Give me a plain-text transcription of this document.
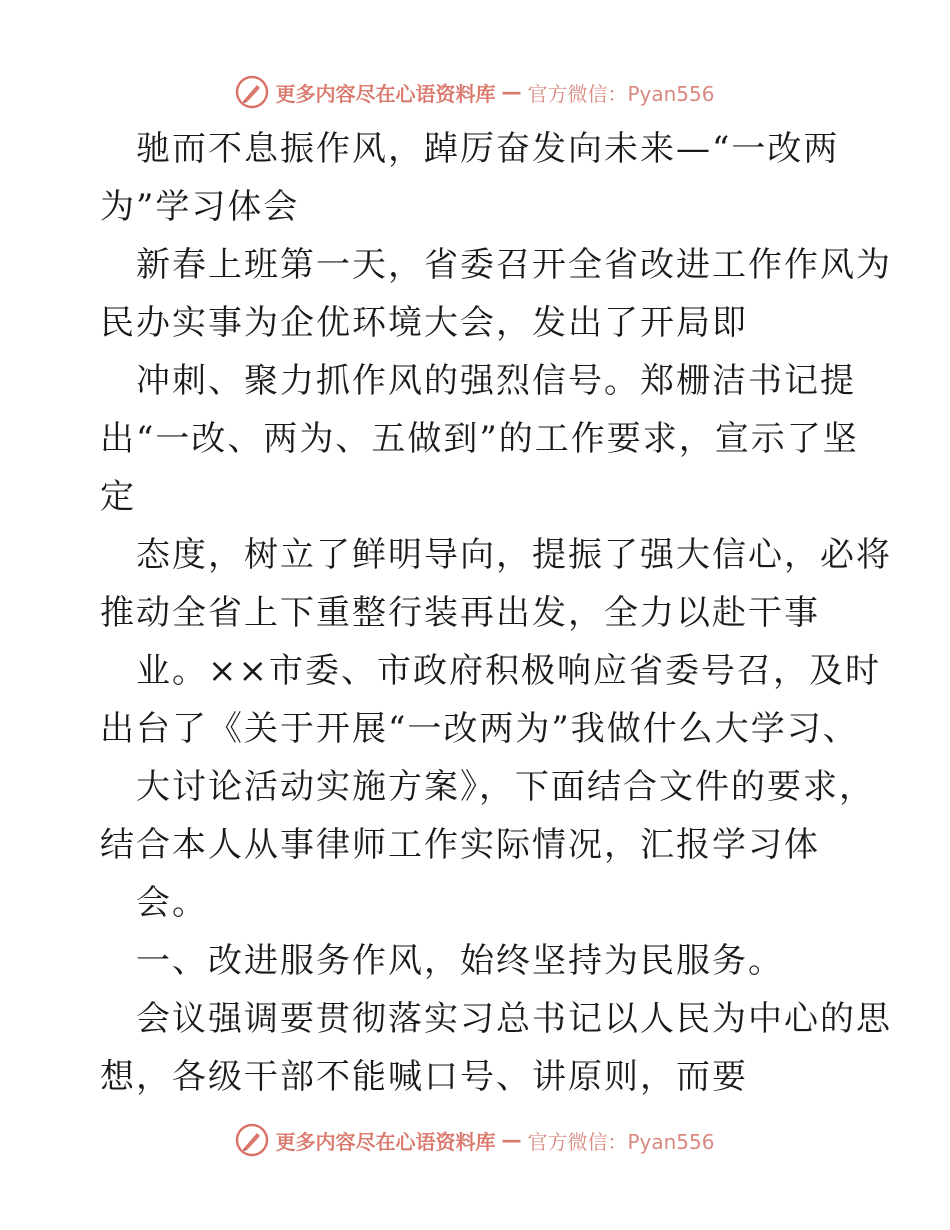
更多内容尽在心语资料库 — 官方微信：Pyan556
驰而不息振作风，踔厉奋发向未来—“一改两
为”学习体会
新春上班第一天，省委召开全省改进工作作风为
民办实事为企优环境大会，发出了开局即
冲刺、聚力抓作风的强烈信号。郑栅洁书记提
出“一改、两为、五做到”的工作要求，宣示了坚
定
态度，树立了鲜明导向，提振了强大信心，必将
推动全省上下重整行装再出发，全力以赴干事
业。××市委、市政府积极响应省委号召，及时
出台了《关于开展“一改两为”我做什么大学习、
大讨论活动实施方案》，下面结合文件的要求，
结合本人从事律师工作实际情况，汇报学习体
会。
一、改进服务作风，始终坚持为民服务。
会议强调要贯彻落实习总书记以人民为中心的思
想，各级干部不能喊口号、讲原则，而要
更多内容尽在心语资料库 — 官方微信：Pyan556
